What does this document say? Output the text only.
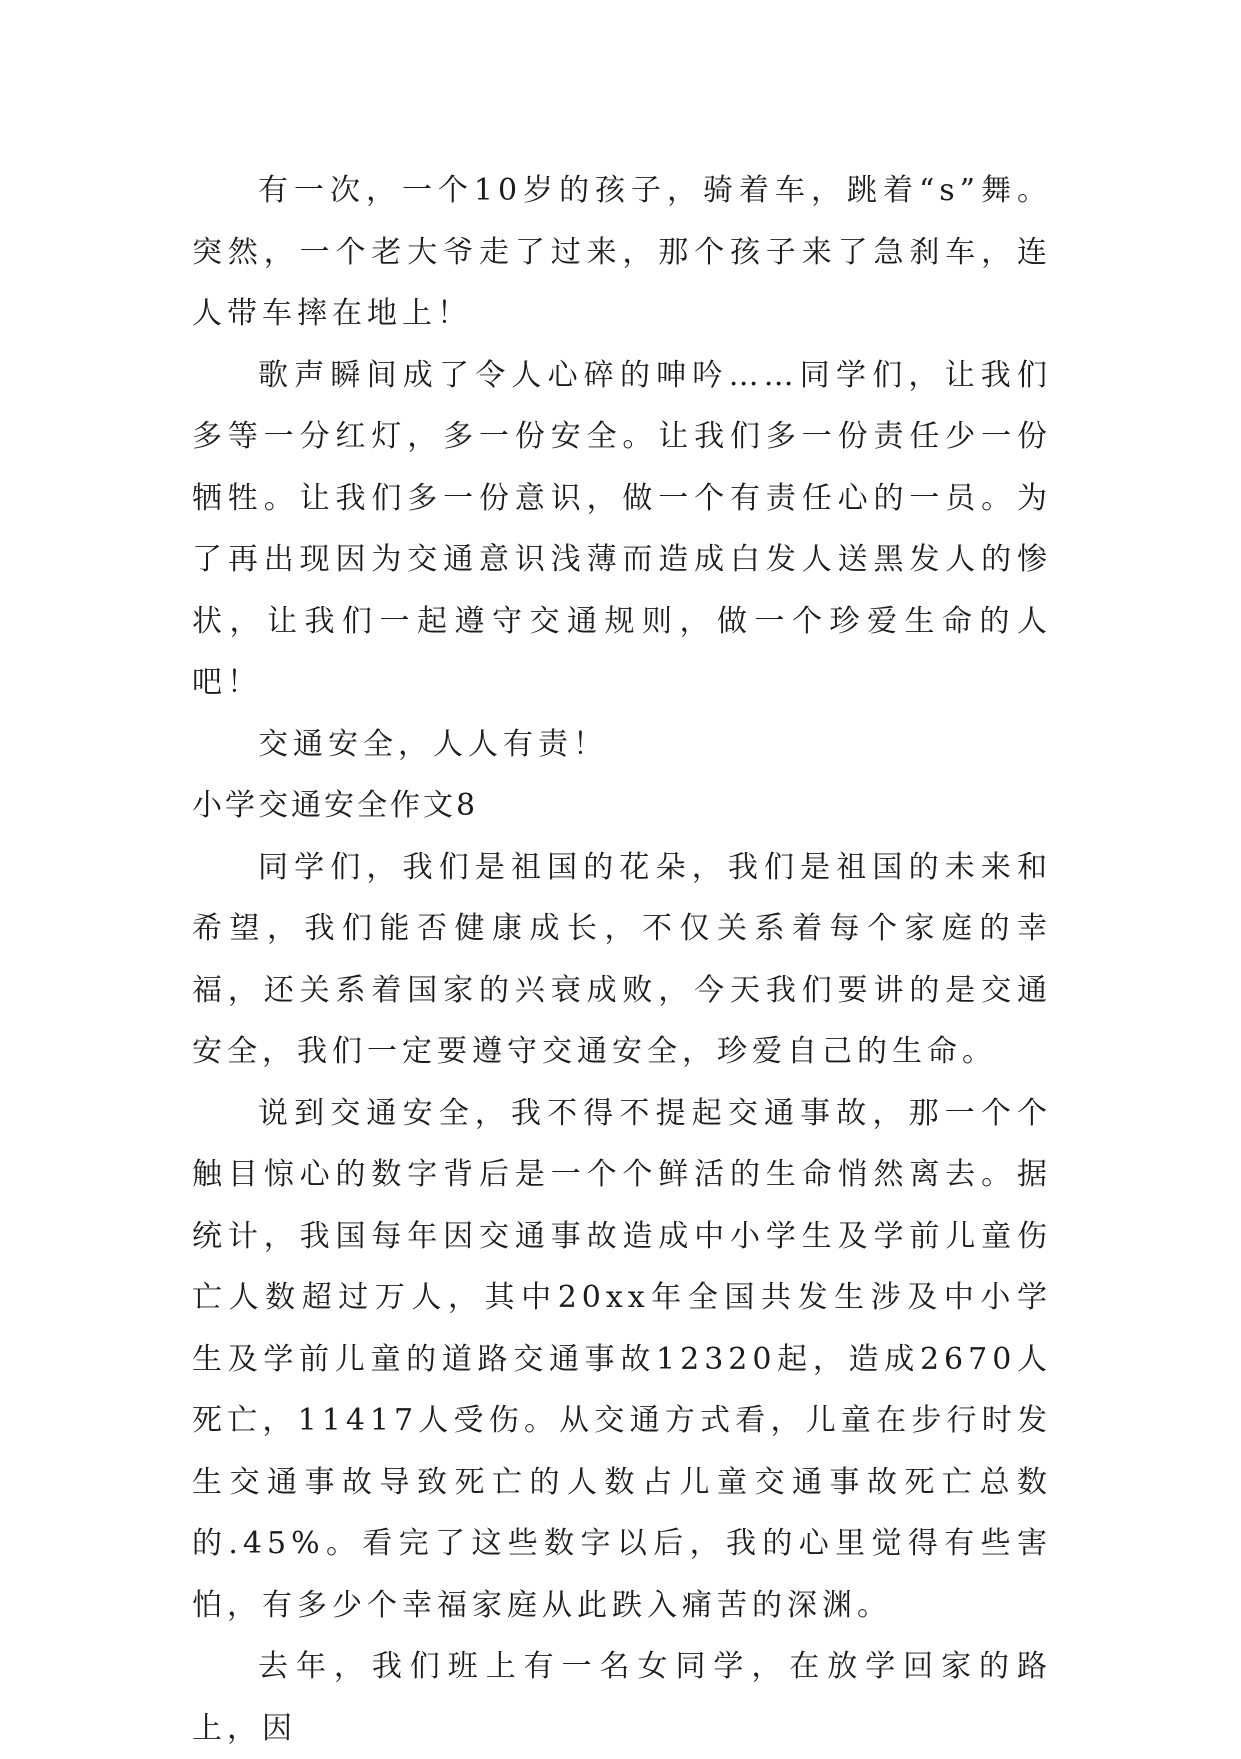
有一次，一个10岁的孩子，骑着车，跳着“s”舞。突然，一个老大爷走了过来，那个孩子来了急刹车，连人带车摔在地上！

歌声瞬间成了令人心碎的呻吟……同学们，让我们多等一分红灯，多一份安全。让我们多一份责任少一份牺牲。让我们多一份意识，做一个有责任心的一员。为了再出现因为交通意识浅薄而造成白发人送黑发人的惨状，让我们一起遵守交通规则，做一个珍爱生命的人吧！

交通安全，人人有责！

小学交通安全作文8

同学们，我们是祖国的花朵，我们是祖国的未来和希望，我们能否健康成长，不仅关系着每个家庭的幸福，还关系着国家的兴衰成败，今天我们要讲的是交通安全，我们一定要遵守交通安全，珍爱自己的生命。

说到交通安全，我不得不提起交通事故，那一个个触目惊心的数字背后是一个个鲜活的生命悄然离去。据统计，我国每年因交通事故造成中小学生及学前儿童伤亡人数超过万人，其中20xx年全国共发生涉及中小学生及学前儿童的道路交通事故12320起，造成2670人死亡，11417人受伤。从交通方式看，儿童在步行时发生交通事故导致死亡的人数占儿童交通事故死亡总数的.45%。看完了这些数字以后，我的心里觉得有些害怕，有多少个幸福家庭从此跌入痛苦的深渊。

去年，我们班上有一名女同学，在放学回家的路上，因
